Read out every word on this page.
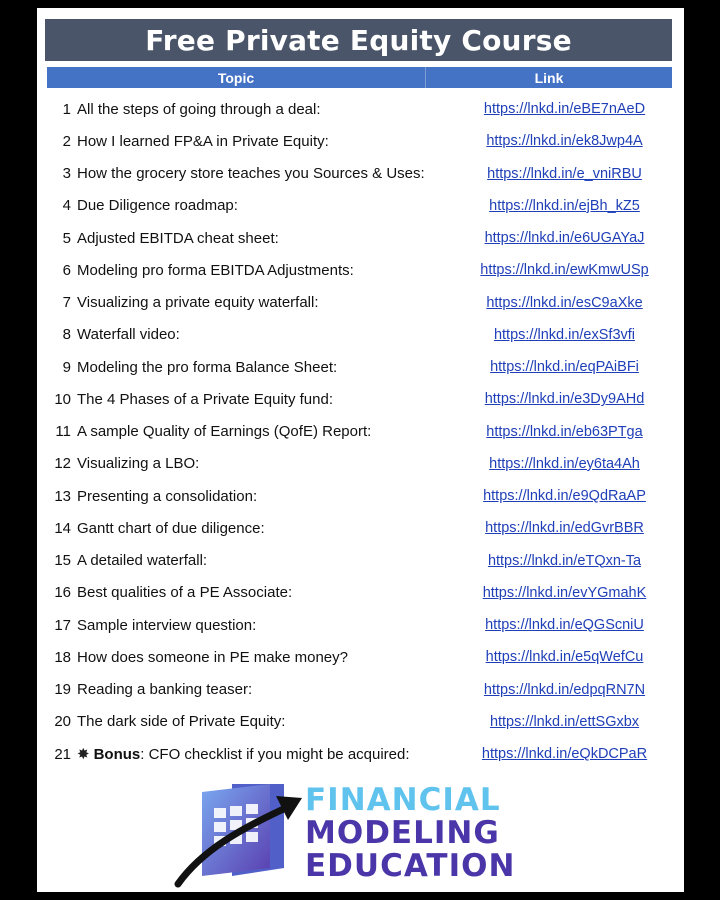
Free Private Equity Course
Topic	Link
1 All the steps of going through a deal:	https://lnkd.in/eBE7nAeD
2 How I learned FP&A in Private Equity:	https://lnkd.in/ek8Jwp4A
3 How the grocery store teaches you Sources & Uses:	https://lnkd.in/e_vniRBU
4 Due Diligence roadmap:	https://lnkd.in/ejBh_kZ5
5 Adjusted EBITDA cheat sheet:	https://lnkd.in/e6UGAYaJ
6 Modeling pro forma EBITDA Adjustments:	https://lnkd.in/ewKmwUSp
7 Visualizing a private equity waterfall:	https://lnkd.in/esC9aXke
8 Waterfall video:	https://lnkd.in/exSf3vfi
9 Modeling the pro forma Balance Sheet:	https://lnkd.in/eqPAiBFi
10 The 4 Phases of a Private Equity fund:	https://lnkd.in/e3Dy9AHd
11 A sample Quality of Earnings (QofE) Report:	https://lnkd.in/eb63PTga
12 Visualizing a LBO:	https://lnkd.in/ey6ta4Ah
13 Presenting a consolidation:	https://lnkd.in/e9QdRaAP
14 Gantt chart of due diligence:	https://lnkd.in/edGvrBBR
15 A detailed waterfall:	https://lnkd.in/eTQxn-Ta
16 Best qualities of a PE Associate:	https://lnkd.in/evYGmahK
17 Sample interview question:	https://lnkd.in/eQGScniU
18 How does someone in PE make money?	https://lnkd.in/e5qWefCu
19 Reading a banking teaser:	https://lnkd.in/edpqRN7N
20 The dark side of Private Equity:	https://lnkd.in/ettSGxbx
21 ✸ Bonus: CFO checklist if you might be acquired:	https://lnkd.in/eQkDCPaR
FINANCIAL
MODELING
EDUCATION
